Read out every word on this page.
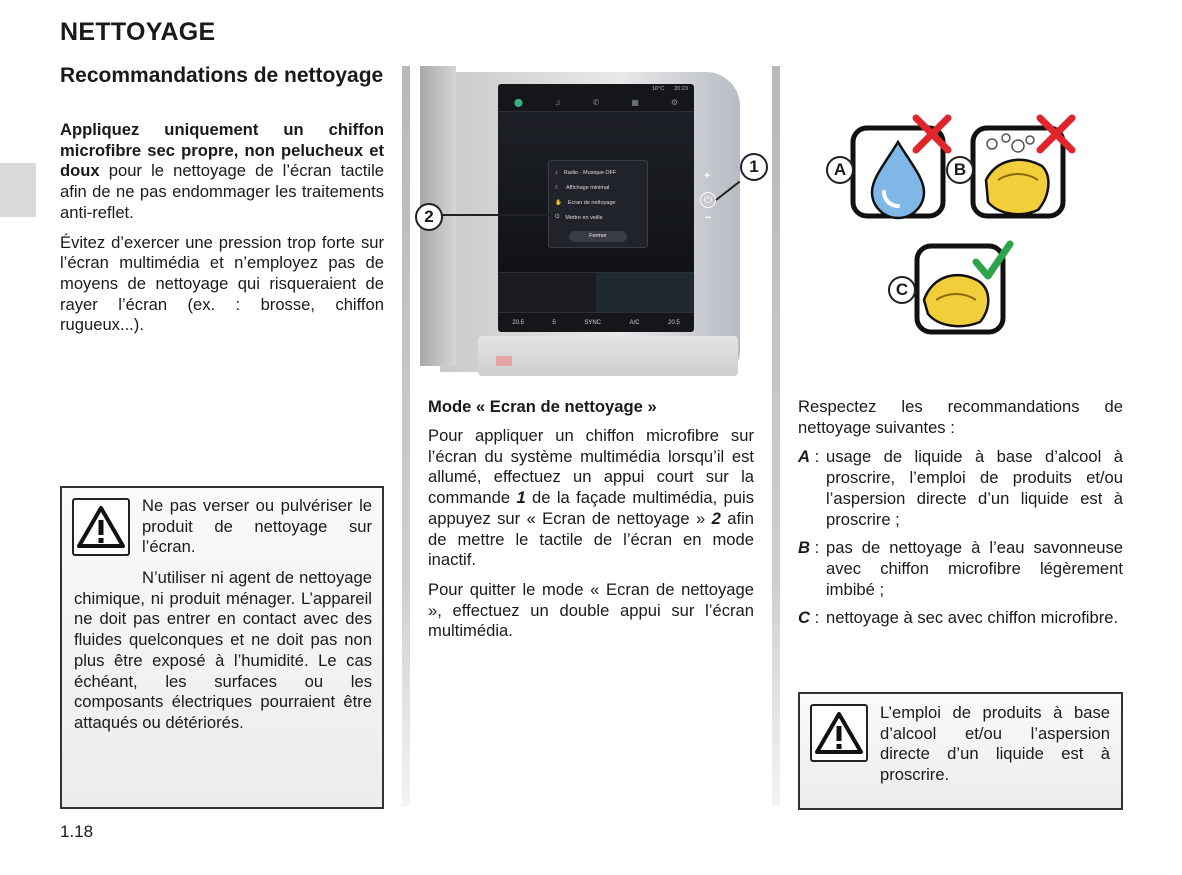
NETTOYAGE
Recommandations de nettoyage

Appliquez uniquement un chiffon microfibre sec propre, non pelucheux et doux pour le nettoyage de l’écran tactile afin de ne pas endommager les traitements anti-reflet.

Évitez d’exercer une pression trop forte sur l’écran multimédia et n’employez pas de moyens de nettoyage qui risqueraient de rayer l’écran (ex. : brosse, chiffon rugueux...).

Ne pas verser ou pulvériser le produit de nettoyage sur l’écran.
N’utiliser ni agent de nettoyage chimique, ni produit ménager. L’appareil ne doit pas entrer en contact avec des fluides quelconques et ne doit pas non plus être exposé à l’humidité. Le cas échéant, les surfaces ou les composants électriques pourraient être attaqués ou détériorés.
1.18
16°C 20:23
⬤	♫	✆	▦	⚙
♪ Radio - Musique OFF
☾ Affichage minimal
✋ Ecran de nettoyage
⏻ Mettre en veille
Fermer
20.5	5	SYNC	A/C	20.5
+
⏻
−
1
2
Mode « Ecran de nettoyage »

Pour appliquer un chiffon microfibre sur l’écran du système multimédia lorsqu’il est allumé, effectuez un appui court sur la commande 1 de la façade multimédia, puis appuyez sur « Ecran de nettoyage » 2 afin de mettre le tactile de l’écran en mode inactif.

Pour quitter le mode « Ecran de nettoyage », effectuez un double appui sur l’écran multimédia.

A	B
C

Respectez les recommandations de nettoyage suivantes :

A : usage de liquide à base d’alcool à proscrire, l’emploi de produits et/ou l’aspersion directe d’un liquide est à proscrire ;
B : pas de nettoyage à l’eau savonneuse avec chiffon microfibre légèrement imbibé ;
C : nettoyage à sec avec chiffon microfibre.
L’emploi de produits à base d’alcool et/ou l’aspersion directe d’un liquide est à proscrire.
